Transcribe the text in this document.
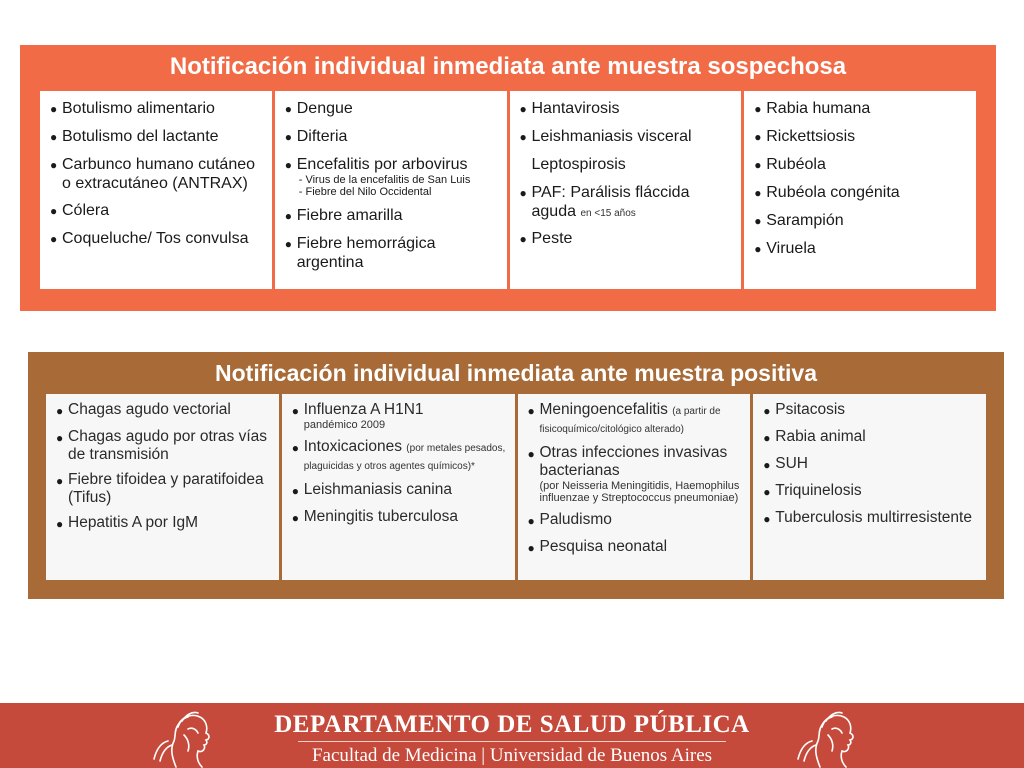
Notificación individual inmediata ante muestra sospechosa
● Botulismo alimentario
● Botulismo del lactante
● Carbunco humano cutáneo o extracutáneo (ANTRAX)
● Cólera
● Coqueluche/ Tos convulsa
● Dengue
● Difteria
● Encefalitis por arbovirus
- Virus de la encefalitis de San Luis
- Fiebre del Nilo Occidental
● Fiebre amarilla
● Fiebre hemorrágica argentina
● Hantavirosis
● Leishmaniasis visceral
Leptospirosis
● PAF: Parálisis fláccida aguda en <15 años
● Peste
● Rabia humana
● Rickettsiosis
● Rubéola
● Rubéola congénita
● Sarampión
● Viruela
Notificación individual inmediata ante muestra positiva
● Chagas agudo vectorial
● Chagas agudo por otras vías de transmisión
● Fiebre tifoidea y paratifoidea (Tifus)
● Hepatitis A por IgM
● Influenza A H1N1
pandémico 2009
● Intoxicaciones (por metales pesados, plaguicidas y otros agentes químicos)*
● Leishmaniasis canina
● Meningitis tuberculosa
● Meningoencefalitis (a partir de fisicoquímico/citológico alterado)
● Otras infecciones invasivas bacterianas
(por Neisseria Meningitidis, Haemophilus influenzae y Streptococcus pneumoniae)
● Paludismo
● Pesquisa neonatal
● Psitacosis
● Rabia animal
● SUH
● Triquinelosis
● Tuberculosis multirresistente
DEPARTAMENTO DE SALUD PÚBLICA
Facultad de Medicina | Universidad de Buenos Aires
